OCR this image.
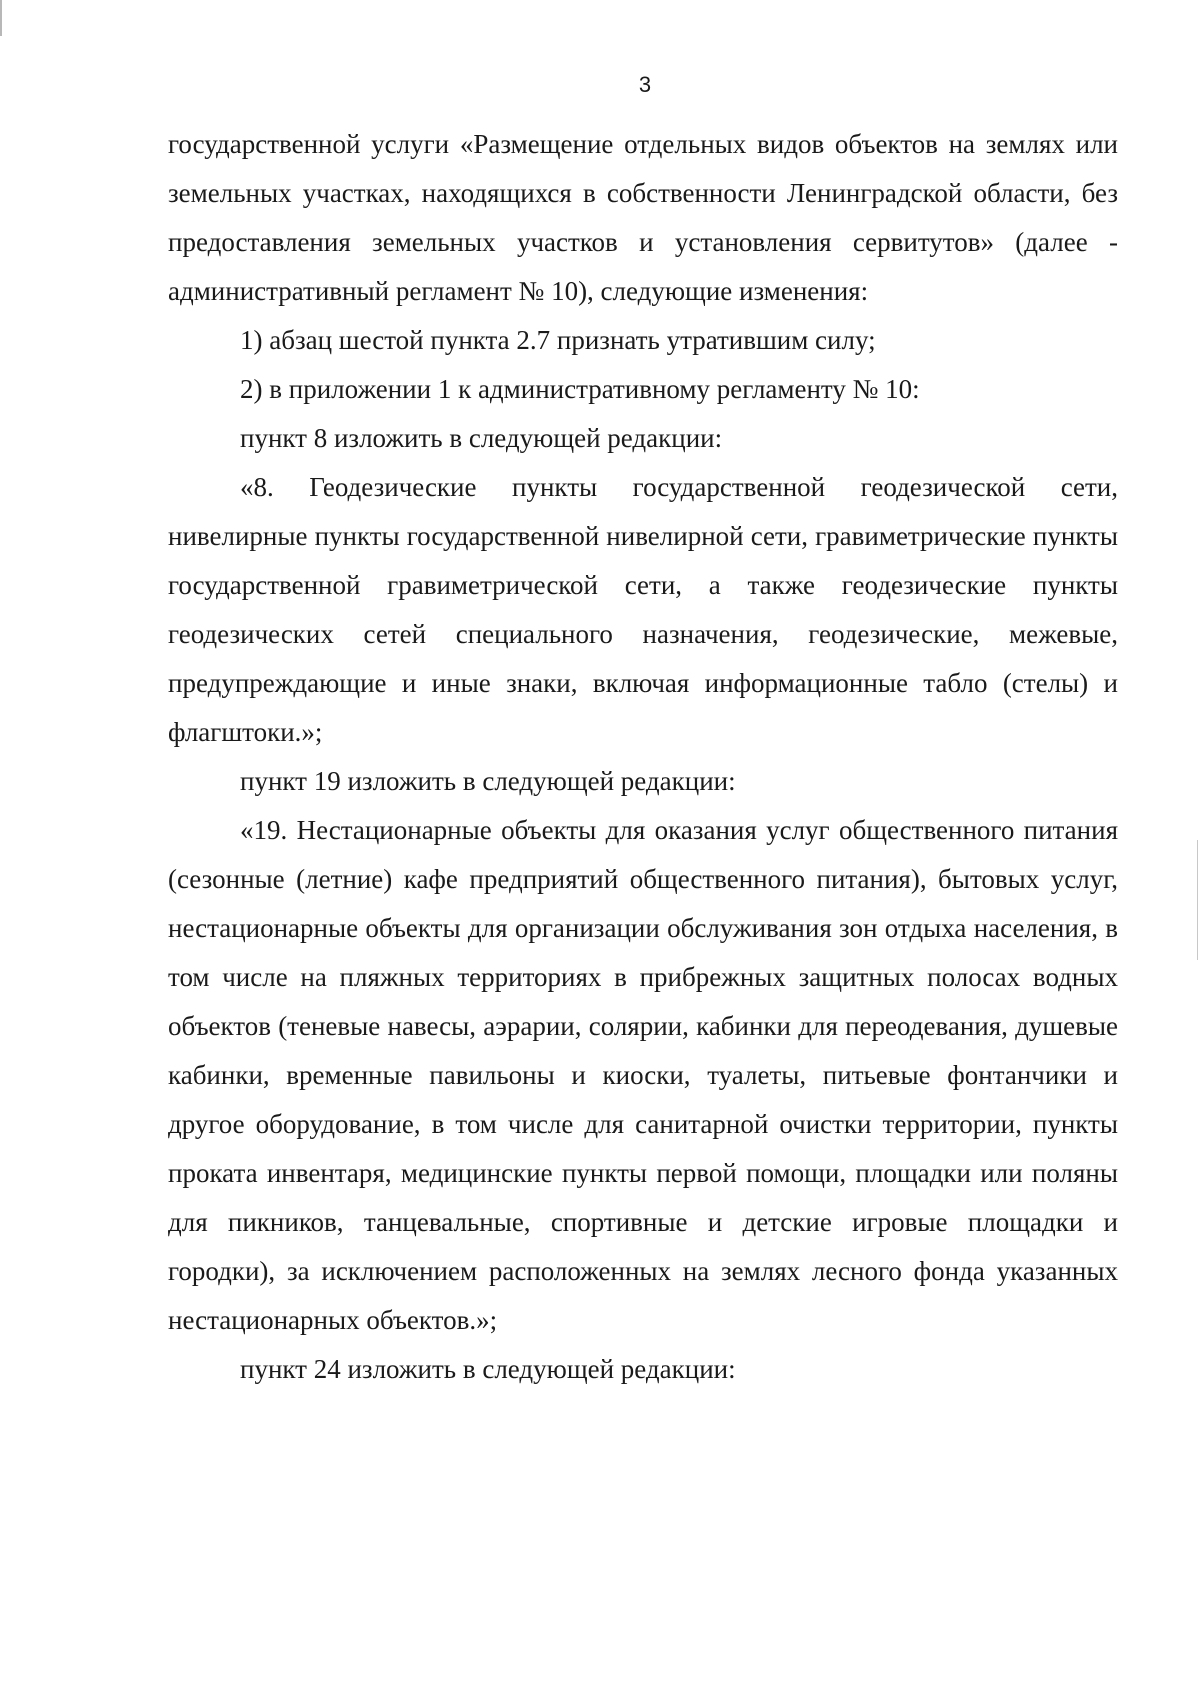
3

государственной услуги «Размещение отдельных видов объектов на землях или земельных участках, находящихся в собственности Ленинградской области, без предоставления земельных участков и установления сервитутов» (далее - административный регламент № 10), следующие изменения:

1) абзац шестой пункта 2.7 признать утратившим силу;

2) в приложении 1 к административному регламенту № 10:

пункт 8 изложить в следующей редакции:

«8. Геодезические пункты государственной геодезической сети, нивелирные пункты государственной нивелирной сети, гравиметрические пункты государственной гравиметрической сети, а также геодезические пункты геодезических сетей специального назначения, геодезические, межевые, предупреждающие и иные знаки, включая информационные табло (стелы) и флагштоки.»;

пункт 19 изложить в следующей редакции:

«19. Нестационарные объекты для оказания услуг общественного питания (сезонные (летние) кафе предприятий общественного питания), бытовых услуг, нестационарные объекты для организации обслуживания зон отдыха населения, в том числе на пляжных территориях в прибрежных защитных полосах водных объектов (теневые навесы, аэрарии, солярии, кабинки для переодевания, душевые кабинки, временные павильоны и киоски, туалеты, питьевые фонтанчики и другое оборудование, в том числе для санитарной очистки территории, пункты проката инвентаря, медицинские пункты первой помощи, площадки или поляны для пикников, танцевальные, спортивные и детские игровые площадки и городки), за исключением расположенных на землях лесного фонда указанных нестационарных объектов.»;

пункт 24 изложить в следующей редакции:
